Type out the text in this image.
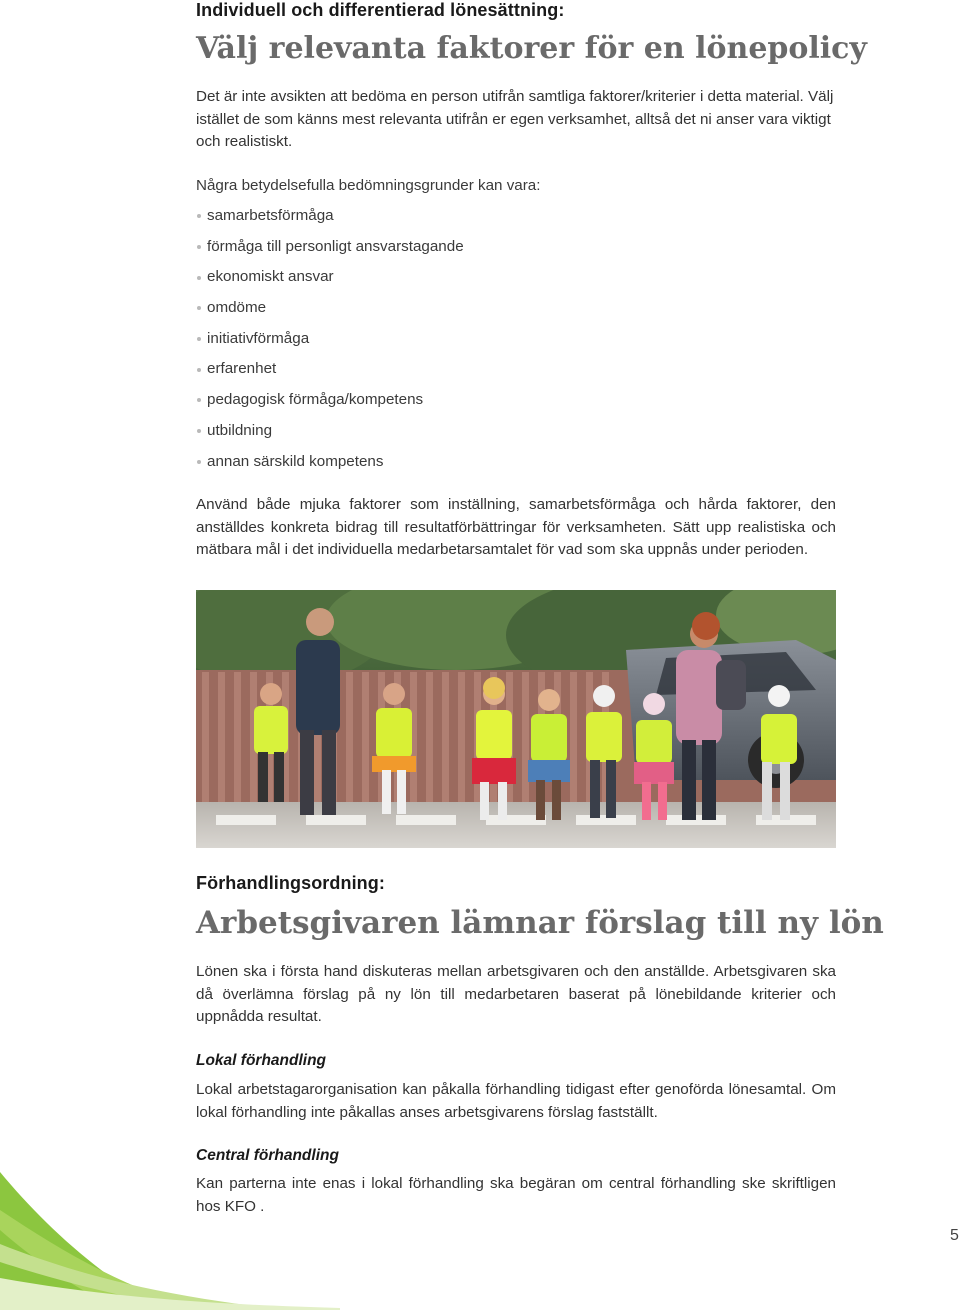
Individuell och differentierad lönesättning:
Välj relevanta faktorer för en lönepolicy

Det är inte avsikten att bedöma en person utifrån samtliga faktorer/kriterier i detta material. Välj istället de som känns mest relevanta utifrån er egen verksamhet, alltså det ni anser vara viktigt och realistiskt.

Några betydelsefulla bedömningsgrunder kan vara:

samarbetsförmåga
förmåga till personligt ansvarstagande
ekonomiskt ansvar
omdöme
initiativförmåga
erfarenhet
pedagogisk förmåga/kompetens
utbildning
annan särskild kompetens

Använd både mjuka faktorer som inställning, samarbetsförmåga och hårda faktorer, den anställdes konkreta bidrag till resultatförbättringar för verksamheten. Sätt upp realistiska och mätbara mål i det individuella medarbetarsamtalet för vad som ska uppnås under perioden.

Förhandlingsordning:
Arbetsgivaren lämnar förslag till ny lön

Lönen ska i första hand diskuteras mellan arbetsgivaren och den anställde. Arbetsgivaren ska då överlämna förslag på ny lön till medarbetaren baserat på lönebildande kriterier och uppnådda resultat.

Lokal förhandling

Lokal arbetstagarorganisation kan påkalla förhandling tidigast efter genoförda lönesamtal. Om lokal förhandling inte påkallas anses arbetsgivarens förslag fastställt.

Central förhandling

Kan parterna inte enas i lokal förhandling ska begäran om central förhandling ske skriftligen hos KFO .

5
